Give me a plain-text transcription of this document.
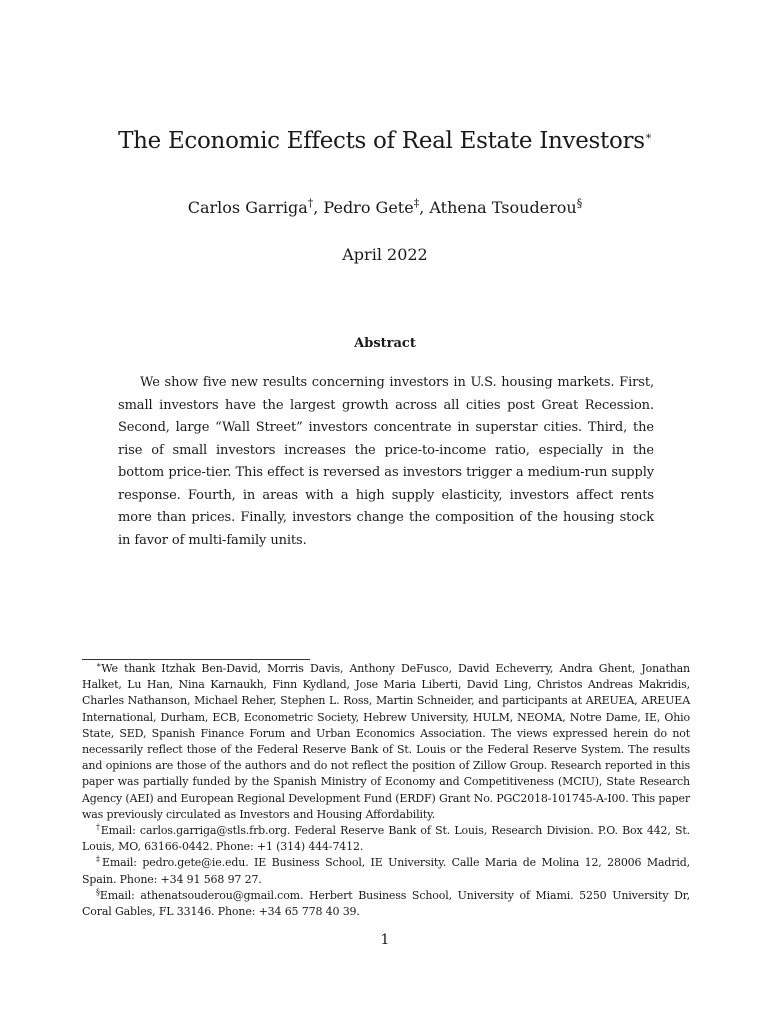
The Economic Effects of Real Estate Investors∗
Carlos Garriga†, Pedro Gete‡, Athena Tsouderou§
April 2022
Abstract
We show five new results concerning investors in U.S. housing markets. First, small investors have the largest growth across all cities post Great Recession. Second, large “Wall Street” investors concentrate in superstar cities. Third, the rise of small investors increases the price-to-income ratio, especially in the bottom price-tier. This effect is reversed as investors trigger a medium-run supply response. Fourth, in areas with a high supply elasticity, investors affect rents more than prices. Finally, investors change the composition of the housing stock in favor of multi-family units.

∗We thank Itzhak Ben-David, Morris Davis, Anthony DeFusco, David Echeverry, Andra Ghent, Jonathan Halket, Lu Han, Nina Karnaukh, Finn Kydland, Jose Maria Liberti, David Ling, Christos Andreas Makridis, Charles Nathanson, Michael Reher, Stephen L. Ross, Martin Schneider, and participants at AREUEA, AREUEA International, Durham, ECB, Econometric Society, Hebrew University, HULM, NEOMA, Notre Dame, IE, Ohio State, SED, Spanish Finance Forum and Urban Economics Association. The views expressed herein do not necessarily reflect those of the Federal Reserve Bank of St. Louis or the Federal Reserve System. The results and opinions are those of the authors and do not reflect the position of Zillow Group. Research reported in this paper was partially funded by the Spanish Ministry of Economy and Competitiveness (MCIU), State Research Agency (AEI) and European Regional Development Fund (ERDF) Grant No. PGC2018-101745-A-I00. This paper was previously circulated as Investors and Housing Affordability.

†Email: carlos.garriga@stls.frb.org. Federal Reserve Bank of St. Louis, Research Division. P.O. Box 442, St. Louis, MO, 63166-0442. Phone: +1 (314) 444-7412.

‡Email: pedro.gete@ie.edu. IE Business School, IE University. Calle Maria de Molina 12, 28006 Madrid, Spain. Phone: +34 91 568 97 27.

§Email: athenatsouderou@gmail.com. Herbert Business School, University of Miami. 5250 University Dr, Coral Gables, FL 33146. Phone: +34 65 778 40 39.

1
